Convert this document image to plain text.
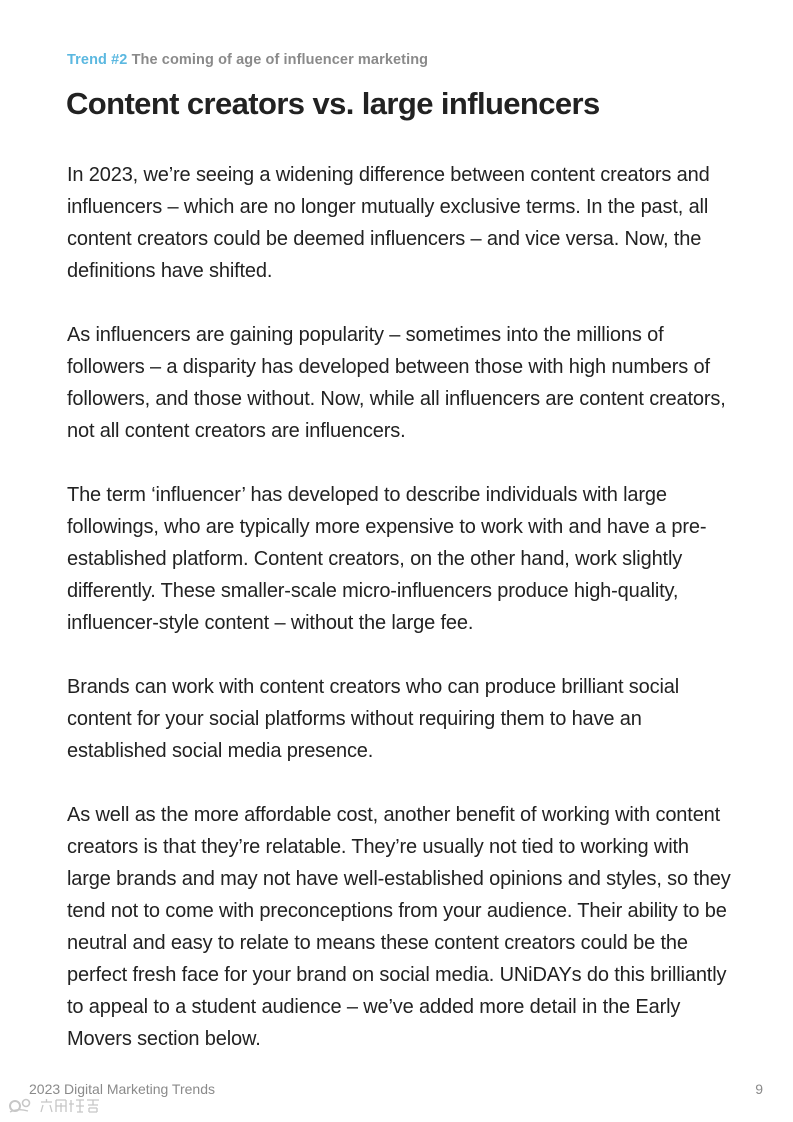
Trend #2 The coming of age of influencer marketing
Content creators vs. large influencers

In 2023, we’re seeing a widening difference between content creators and influencers – which are no longer mutually exclusive terms. In the past, all content creators could be deemed influencers – and vice versa. Now, the definitions have shifted.

As influencers are gaining popularity – sometimes into the millions of followers – a disparity has developed between those with high numbers of followers, and those without. Now, while all influencers are content creators, not all content creators are influencers.

The term ‘influencer’ has developed to describe individuals with large followings, who are typically more expensive to work with and have a pre-established platform. Content creators, on the other hand, work slightly differently. These smaller-scale micro-influencers produce high-quality, influencer-style content – without the large fee.

Brands can work with content creators who can produce brilliant social content for your social platforms without requiring them to have an established social media presence.

As well as the more affordable cost, another benefit of working with content creators is that they’re relatable. They’re usually not tied to working with large brands and may not have well-established opinions and styles, so they tend not to come with preconceptions from your audience. Their ability to be neutral and easy to relate to means these content creators could be the perfect fresh face for your brand on social media. UNiDAYs do this brilliantly to appeal to a student audience – we’ve added more detail in the Early Movers section below.

2023 Digital Marketing Trends	9
